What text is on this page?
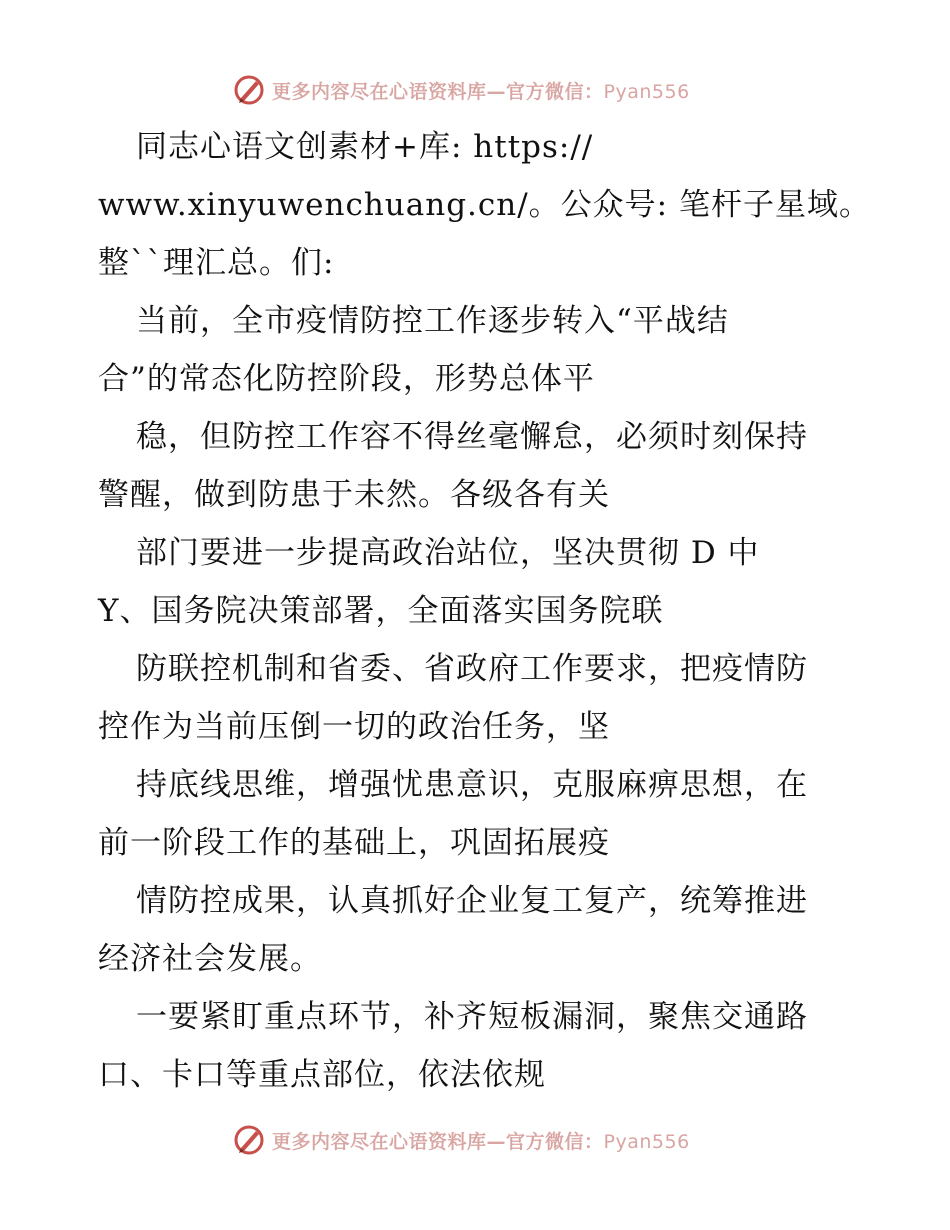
更多内容尽在心语资料库—官方微信：Pyan556
同志心语文创素材+库: https://
www.xinyuwenchuang.cn/。公众号: 笔杆子星域。
整``理汇总。们:
当前，全市疫情防控工作逐步转入“平战结
合”的常态化防控阶段，形势总体平
稳，但防控工作容不得丝毫懈怠，必须时刻保持
警醒，做到防患于未然。各级各有关
部门要进一步提高政治站位，坚决贯彻 D 中
Y、国务院决策部署，全面落实国务院联
防联控机制和省委、省政府工作要求，把疫情防
控作为当前压倒一切的政治任务，坚
持底线思维，增强忧患意识，克服麻痹思想，在
前一阶段工作的基础上，巩固拓展疫
情防控成果，认真抓好企业复工复产，统筹推进
经济社会发展。
一要紧盯重点环节，补齐短板漏洞，聚焦交通路
口、卡口等重点部位，依法依规
更多内容尽在心语资料库—官方微信：Pyan556
